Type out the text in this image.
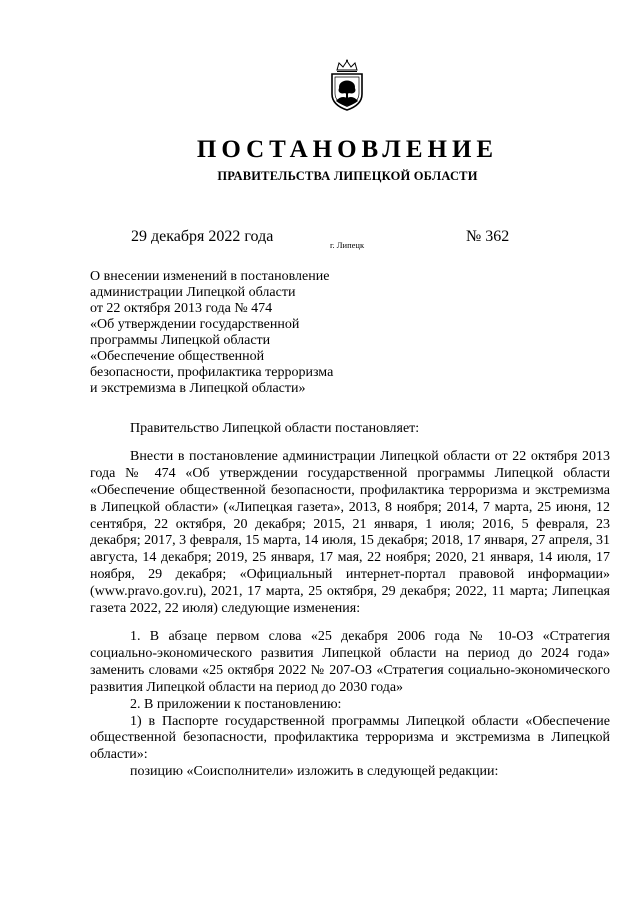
ПОСТАНОВЛЕНИЕ
ПРАВИТЕЛЬСТВА ЛИПЕЦКОЙ ОБЛАСТИ
29 декабря 2022 года	г. Липецк	№ 362
О внесении изменений в постановление
администрации Липецкой области
от 22 октября 2013 года № 474
«Об утверждении государственной
программы Липецкой области
«Обеспечение общественной
безопасности, профилактика терроризма
и экстремизма в Липецкой области»

Правительство Липецкой области постановляет:

Внести в постановление администрации Липецкой области от 22 октября 2013 года № 474 «Об утверждении государственной программы Липецкой области «Обеспечение общественной безопасности, профилактика терроризма и экстремизма в Липецкой области» («Липецкая газета», 2013, 8 ноября; 2014, 7 марта, 25 июня, 12 сентября, 22 октября, 20 декабря; 2015, 21 января, 1 июля; 2016, 5 февраля, 23 декабря; 2017, 3 февраля, 15 марта, 14 июля, 15 декабря; 2018, 17 января, 27 апреля, 31 августа, 14 декабря; 2019, 25 января, 17 мая, 22 ноября; 2020, 21 января, 14 июля, 17 ноября, 29 декабря; «Официальный интернет-портал правовой информации» (www.pravo.gov.ru), 2021, 17 марта, 25 октября, 29 декабря; 2022, 11 марта; Липецкая газета 2022, 22 июля) следующие изменения:

1. В абзаце первом слова «25 декабря 2006 года № 10-ОЗ «Стратегия социально-экономического развития Липецкой области на период до 2024 года» заменить словами «25 октября 2022 № 207-ОЗ «Стратегия социально-экономического развития Липецкой области на период до 2030 года»

2. В приложении к постановлению:

1) в Паспорте государственной программы Липецкой области «Обеспечение общественной безопасности, профилактика терроризма и экстремизма в Липецкой области»:

позицию «Соисполнители» изложить в следующей редакции:
